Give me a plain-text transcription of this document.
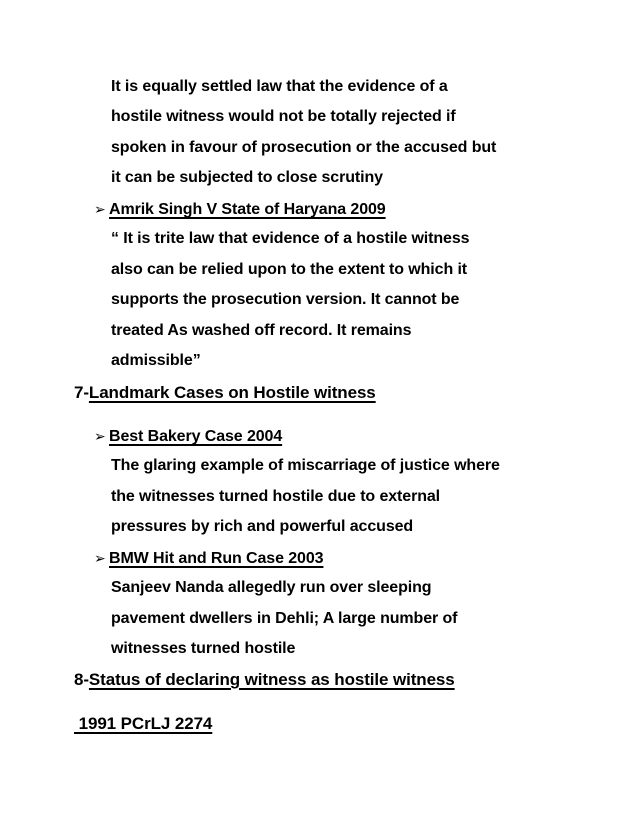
It is equally settled law that the evidence of a
hostile witness would not be totally rejected if
spoken in favour of prosecution or the accused but
it can be subjected to close scrutiny
➢ Amrik Singh V State of Haryana 2009
“ It is trite law that evidence of a hostile witness
also can be relied upon to the extent to which it
supports the prosecution version. It cannot be
treated As washed off record. It remains
admissible”
7-Landmark Cases on Hostile witness
➢ Best Bakery Case 2004
The glaring example of miscarriage of justice where
the witnesses turned hostile due to external
pressures by rich and powerful accused
➢ BMW Hit and Run Case 2003
Sanjeev Nanda allegedly run over sleeping
pavement dwellers in Dehli; A large number of
witnesses turned hostile
8-Status of declaring witness as hostile witness
1991 PCrLJ 2274
